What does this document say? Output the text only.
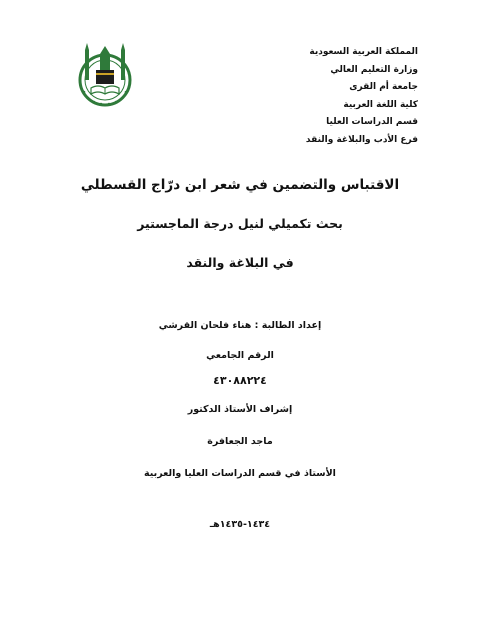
المملكة العربية السعودية
وزارة التعليم العالي
جامعة أم القرى
كلية اللغة العربية
قسم الدراسات العليا
فرع الأدب والبلاغة والنقد
الاقتباس والتضمين في شعر ابن درّاج القسطلي
بحث تكميلي لنيل درجة الماجستير
في البلاغة والنقد
إعداد الطالبة : هناء فلحان القرشي
الرقم الجامعي
٤٣٠٨٨٢٢٤
إشراف الأستاذ الدكتور
ماجد الجعافرة
الأستاذ في قسم الدراسات العليا والعربية
١٤٣٤-١٤٣٥هـ
